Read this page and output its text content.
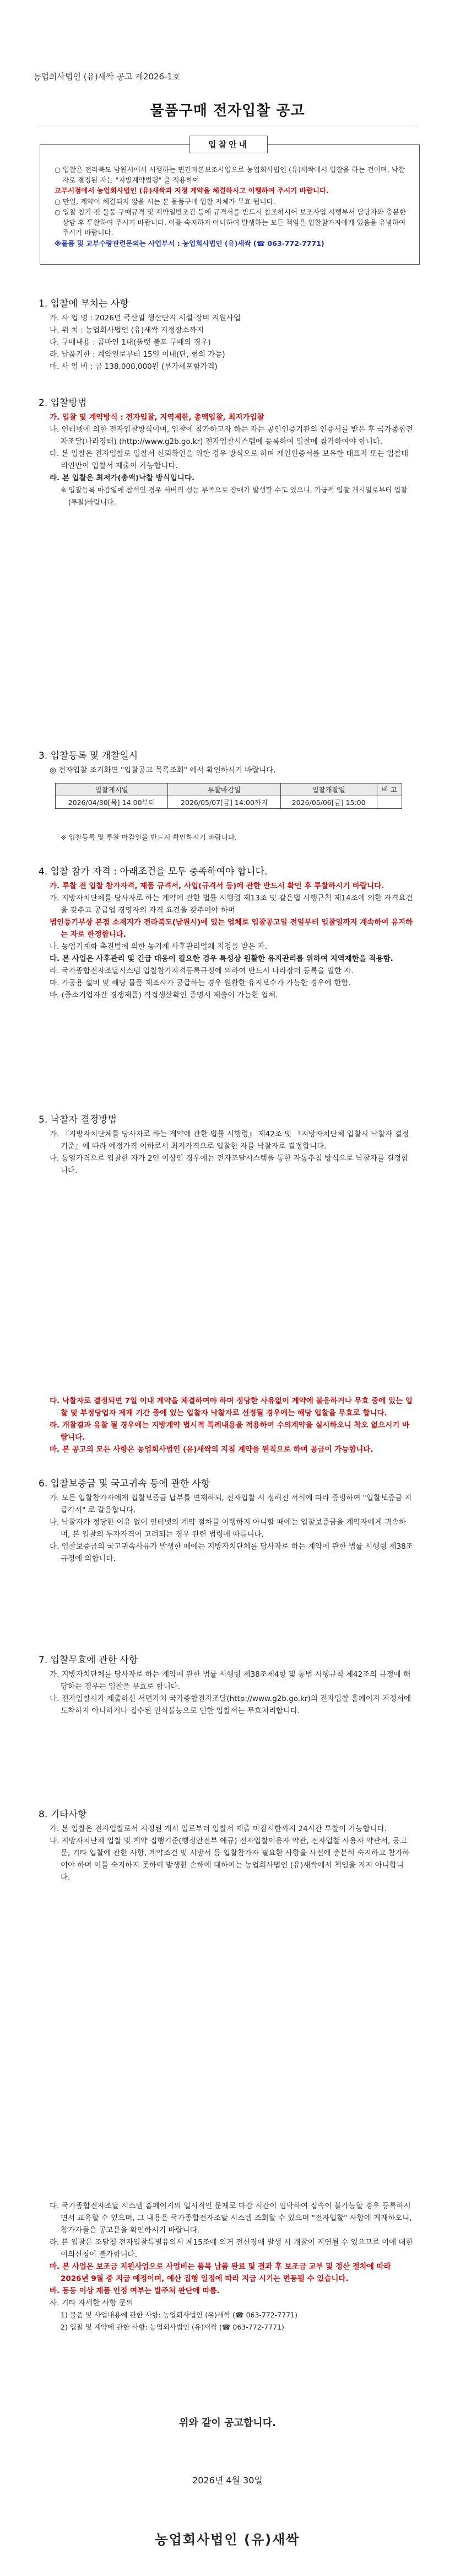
농업회사법인 (유)새싹 공고 제2026-1호
물품구매 전자입찰 공고

○ 입찰은 전라북도 남원시에서 시행하는 민간자본보조사업으로 농업회사법인 (유)새싹에서 입찰을 하는 건이며, 낙찰자로 결정된 자는 "지방계약법령" 을 적용하여

교부시점에서 농업회사법인 (유)새싹과 지정 계약을 체결하시고 이행하여 주시기 바랍니다.

○ 만일, 계약이 체결되지 않을 시는 본 물품구매 입찰 자체가 무효 됩니다.

○ 입찰 참가 전 물품 구매규격 및 계약일반조건 등에 규격서를 반드시 참조하시어 보조사업 시행부서 담당자와 충분한 상담 후 투찰하여 주시기 바랍니다. 이를 숙지하지 아니하여 발생하는 모든 책임은 입찰참가자에게 있음을 유념하여 주시기 바랍니다.

※물품 및 교부수량관련문의는 사업부서 : 농업회사법인 (유)새싹 (☎ 063-772-7771)

입찰안내
1. 입찰에 부치는 사항

가. 사 업 명 : 2026년 국산밀 생산단지 시설·장비 지원사업

나. 위 치 : 농업회사법인 (유)새싹 지정장소까지

다. 구매내용 : 콤바인 1대(플랫 불포 구매의 경우)

라. 납품기한 : 계약일로부터 15일 이내(단, 협의 가능)

마. 사 업 비 : 금 138,000,000원 (부가세포함가격)

2. 입찰방법

가. 입찰 및 계약방식 : 전자입찰, 지역제한, 총액입찰, 최저가입찰

나. 인터넷에 의한 전자입찰방식이며, 입찰에 참가하고자 하는 자는 공인인증기관의 인증서를 받은 후 국가종합전자조달(나라장터) (http://www.g2b.go.kr) 전자입찰시스템에 등록하여 입찰에 참가하여야 합니다.

다. 본 입찰은 전자입찰로 입찰서 신뢰확인을 위한 경우 방식으로 하며 개인인증서를 보유한 대표자 또는 입찰대리인만이 입찰서 제출이 가능합니다.

라. 본 입찰은 최저가(총액)낙찰 방식입니다.

※ 입찰등록 마감일에 참석인 경우 서버의 성능 부족으로 장애가 발생할 수도 있으니, 가급적 입찰 개시일로부터 입찰(투찰)바랍니다.

3. 입찰등록 및 개찰일시

◎ 전자입찰 조기화면 "입찰공고 목록조회" 에서 확인하시기 바랍니다.

입찰게시일	투찰마감일	입찰개찰일	비 고
2026/04/30[목] 14:00부터	2026/05/07[금] 14:00까지	2026/05/06[금] 15:00	

※ 입찰등록 및 투찰 마감일을 반드시 확인하시기 바랍니다.

4. 입찰 참가 자격 : 아래조건을 모두 충족하여야 합니다.

가. 투찰 전 입찰 참가자격, 제품 규격서, 사업(규격서 등)에 관한 반드시 확인 후 투찰하시기 바랍니다.

가. 지방자치단체를 당사자로 하는 계약에 관한 법률 시행령 제13조 및 같은법 시행규칙 제14조에 의한 자격요건을 갖추고 공급업 경영자의 자격 요건을 갖추어야 하며

법인등기부상 본점 소재지가 전라북도(남원시)에 있는 업체로 입찰공고일 전일부터 입찰일까지 계속하여 유지하는 자로 한정합니다.

나. 농업기계화 촉진법에 의한 농기계 사후관리업체 지정을 받은 자.

다. 본 사업은 사후관리 및 긴급 대응이 필요한 경우 특성상 원활한 유지관리를 위하여 지역제한을 적용함.

라. 국가종합전자조달시스템 입찰참가자격등록규정에 의하여 반드시 나라장터 등록을 필한 자.

마. 가공용 설비 및 해당 물품 제조사가 공급하는 경우 원활한 유지보수가 가능한 경우에 한함.

바. (중소기업자간 경쟁제품) 직접생산확인 증명서 제출이 가능한 업체.

5. 낙찰자 결정방법

가. 『지방자치단체를 당사자로 하는 계약에 관한 법률 시행령』 제42조 및 『지방자치단체 입찰시 낙찰자 결정기준』에 따라 예정가격 이하로서 최저가격으로 입찰한 자를 낙찰자로 결정합니다.

나. 동일가격으로 입찰한 자가 2인 이상인 경우에는 전자조달시스템을 통한 자동추첨 방식으로 낙찰자를 결정합니다.

다. 낙찰자로 결정되면 7일 이내 계약을 체결하여야 하며 정당한 사유없이 계약에 불응하거나 무효 중에 있는 입찰 및 부정당업자 제재 기간 중에 있는 입찰자 낙찰자로 선정될 경우에는 해당 입찰을 무효로 합니다.

라. 개찰결과 유찰 될 경우에는 지방계약 법시적 특례내용을 적용하여 수의계약을 실시하오니 착오 없으시기 바랍니다.

마. 본 공고의 모든 사항은 농업회사법인 (유)새싹의 지침 계약을 원칙으로 하며 공급이 가능합니다.

6. 입찰보증금 및 국고귀속 등에 관한 사항

가. 모든 입찰참가자에게 입찰보증금 납부를 면제하되, 전자입찰 시 정해진 서식에 따라 증빙하여 "입찰보증금 지급각서" 로 갈음합니다.

나. 낙찰자가 정당한 이유 없이 인터넷의 계약 절차를 이행하지 아니할 때에는 입찰보증금을 계약자에게 귀속하며, 본 입찰의 투자자격이 고려되는 경우 관련 법령에 따릅니다.

다. 입찰보증금의 국고귀속사유가 발생한 때에는 지방자치단체를 당사자로 하는 계약에 관한 법률 시행령 제38조 규정에 의합니다.

7. 입찰무효에 관한 사항

가. 지방자치단체를 당사자로 하는 계약에 관한 법률 시행령 제38조제4항 및 동법 시행규칙 제42조의 규정에 해당하는 경우는 입찰을 무효로 합니다.

나. 전자입찰시가 제출하신 서면가치 국가종합전자조달(http://www.g2b.go.kr)의 전자입찰 홈페이지 지정서에 도착하지 아니하거나 접수된 인식불능으로 인한 입찰서는 무효처리합니다.

8. 기타사항

가. 본 입찰은 전자입찰로서 지정된 개시 일로부터 입찰서 제출 마감시한까지 24시간 투찰이 가능합니다.

나. 지방자치단체 입찰 및 계약 집행기준(행정안전부 예규) 전자입찰이용자 약관, 전자입찰 사용자 약관서, 공고문, 기타 입찰에 관한 사항, 계약조건 및 시방서 등 입찰참가자 필요한 사항을 사전에 충분히 숙지하고 참가하여야 하며 이를 숙지하지 못하여 발생한 손해에 대하여는 농업회사법인 (유)새싹에서 책임을 지지 아니합니다.

다. 국가종합전자조달 시스템 홈페이지의 일시적인 문제로 마감 시간이 임박하여 접속이 불가능할 경우 등록하시면서 교육할 수 있으며, 그 내용은 국가종합전자조달 시스템 조회할 수 있으며 "전자입찰" 사항에 게재하오니, 참가자들은 공고문을 확인하시기 바랍니다.

라. 본 입찰은 조달청 전자입찰특별유의서 제15조에 의거 전산장애 발생 시 개찰이 지연될 수 있으므로 이에 대한 이의신청이 불가합니다.

마. 본 사업은 보조금 지원사업으로 사업비는 품목 납품 완료 및 결과 후 보조금 교부 및 정산 절차에 따라 2026년 9월 중 지급 예정이며, 예산 집행 일정에 따라 지급 시기는 변동될 수 있습니다.

바. 동등 이상 제품 인정 여부는 발주처 판단에 따름.

사. 기타 자세한 사항 문의

1) 물품 및 사업내용에 관한 사항: 농업회사법인 (유)새싹 (☎ 063-772-7771)

2) 입찰 및 계약에 관한 사항: 농업회사법인 (유)새싹 (☎ 063-772-7771)

위와 같이 공고합니다.
2026년 4월 30일
농업회사법인 (유)새싹
